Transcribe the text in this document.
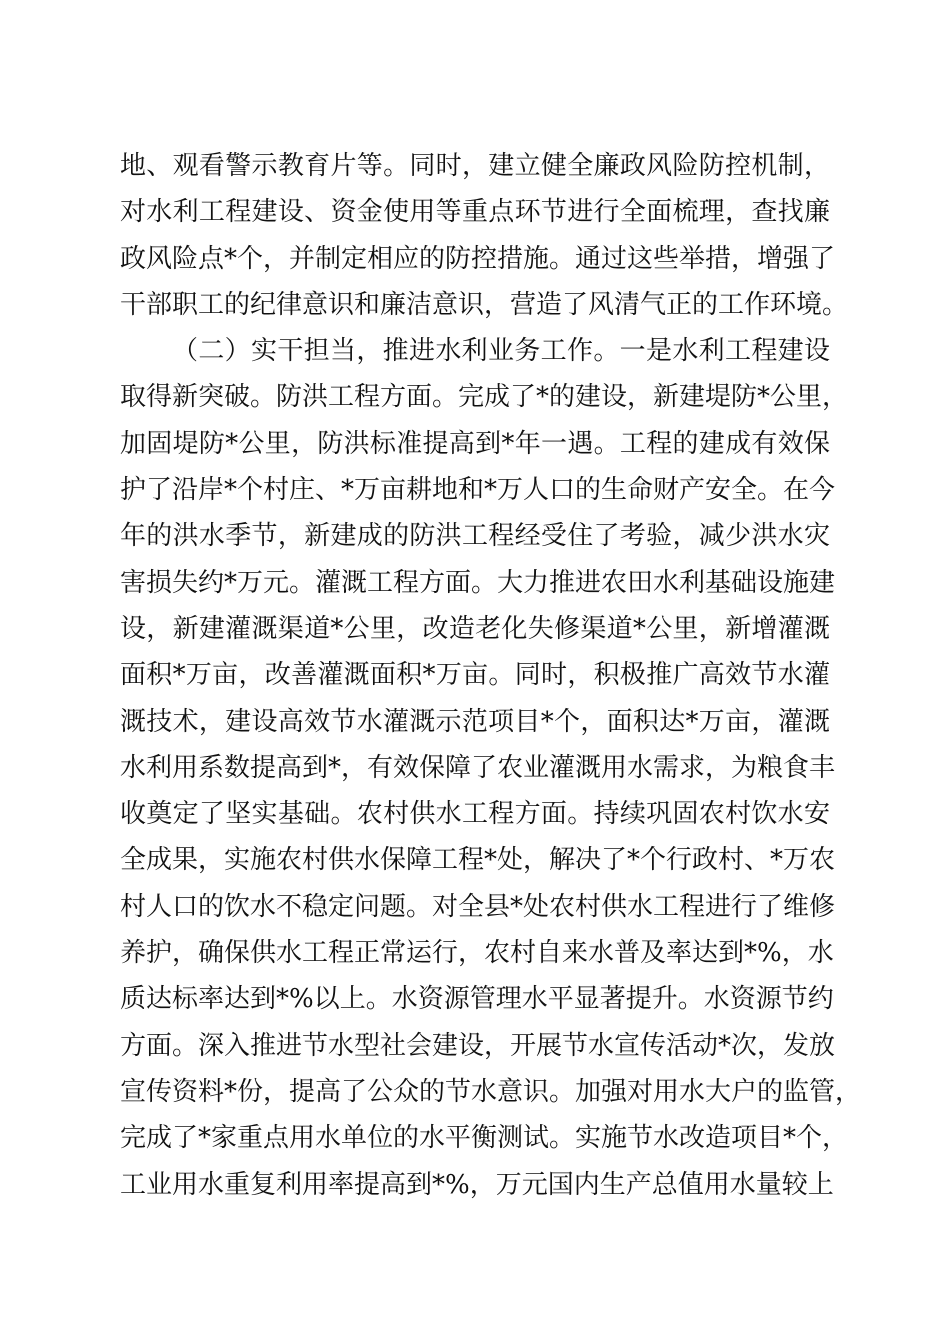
地、观看警示教育片等。同时，建立健全廉政风险防控机制，
对水利工程建设、资金使用等重点环节进行全面梳理，查找廉
政风险点*个，并制定相应的防控措施。通过这些举措，增强了
干部职工的纪律意识和廉洁意识，营造了风清气正的工作环境。
（二）实干担当，推进水利业务工作。一是水利工程建设
取得新突破。防洪工程方面。完成了*的建设，新建堤防*公里，
加固堤防*公里，防洪标准提高到*年一遇。工程的建成有效保
护了沿岸*个村庄、*万亩耕地和*万人口的生命财产安全。在今
年的洪水季节，新建成的防洪工程经受住了考验，减少洪水灾
害损失约*万元。灌溉工程方面。大力推进农田水利基础设施建
设，新建灌溉渠道*公里，改造老化失修渠道*公里，新增灌溉
面积*万亩，改善灌溉面积*万亩。同时，积极推广高效节水灌
溉技术，建设高效节水灌溉示范项目*个，面积达*万亩，灌溉
水利用系数提高到*，有效保障了农业灌溉用水需求，为粮食丰
收奠定了坚实基础。农村供水工程方面。持续巩固农村饮水安
全成果，实施农村供水保障工程*处，解决了*个行政村、*万农
村人口的饮水不稳定问题。对全县*处农村供水工程进行了维修
养护，确保供水工程正常运行，农村自来水普及率达到*%，水
质达标率达到*%以上。水资源管理水平显著提升。水资源节约
方面。深入推进节水型社会建设，开展节水宣传活动*次，发放
宣传资料*份，提高了公众的节水意识。加强对用水大户的监管，
完成了*家重点用水单位的水平衡测试。实施节水改造项目*个，
工业用水重复利用率提高到*%，万元国内生产总值用水量较上
